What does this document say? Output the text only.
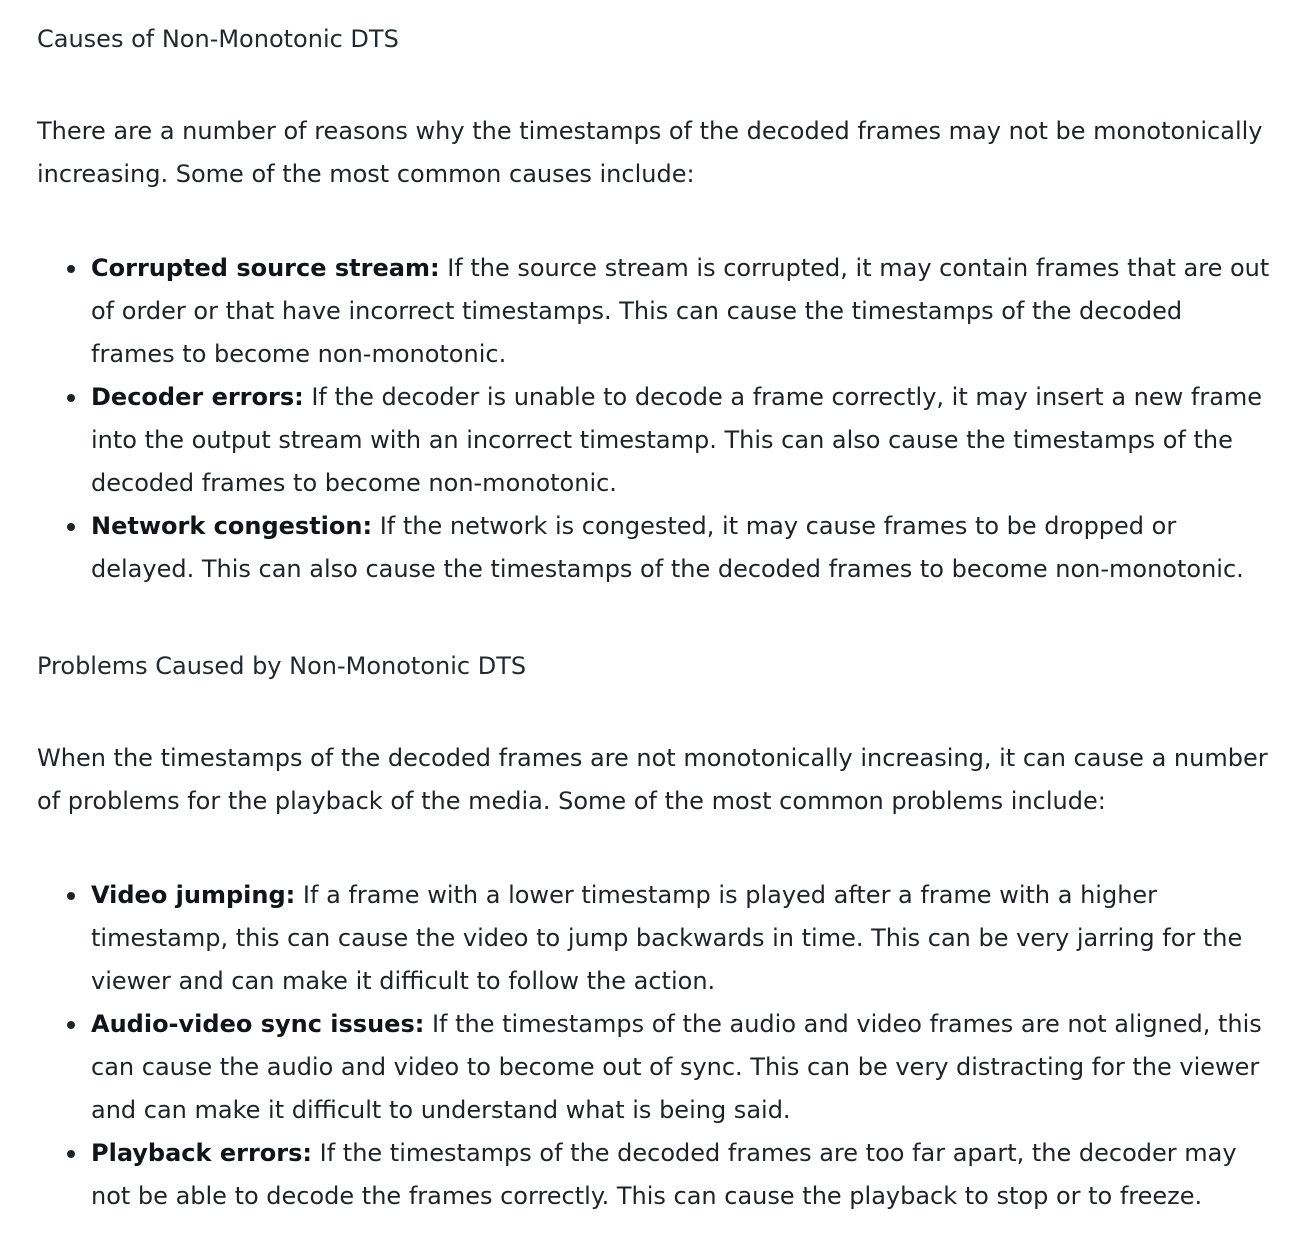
Causes of Non-Monotonic DTS

There are a number of reasons why the timestamps of the decoded frames may not be monotonically increasing. Some of the most common causes include:

Corrupted source stream: If the source stream is corrupted, it may contain frames that are out of order or that have incorrect timestamps. This can cause the timestamps of the decoded frames to become non-monotonic.
Decoder errors: If the decoder is unable to decode a frame correctly, it may insert a new frame into the output stream with an incorrect timestamp. This can also cause the timestamps of the decoded frames to become non-monotonic.
Network congestion: If the network is congested, it may cause frames to be dropped or delayed. This can also cause the timestamps of the decoded frames to become non-monotonic.
Problems Caused by Non-Monotonic DTS

When the timestamps of the decoded frames are not monotonically increasing, it can cause a number of problems for the playback of the media. Some of the most common problems include:

Video jumping: If a frame with a lower timestamp is played after a frame with a higher timestamp, this can cause the video to jump backwards in time. This can be very jarring for the viewer and can make it difficult to follow the action.
Audio-video sync issues: If the timestamps of the audio and video frames are not aligned, this can cause the audio and video to become out of sync. This can be very distracting for the viewer and can make it difficult to understand what is being said.
Playback errors: If the timestamps of the decoded frames are too far apart, the decoder may not be able to decode the frames correctly. This can cause the playback to stop or to freeze.
